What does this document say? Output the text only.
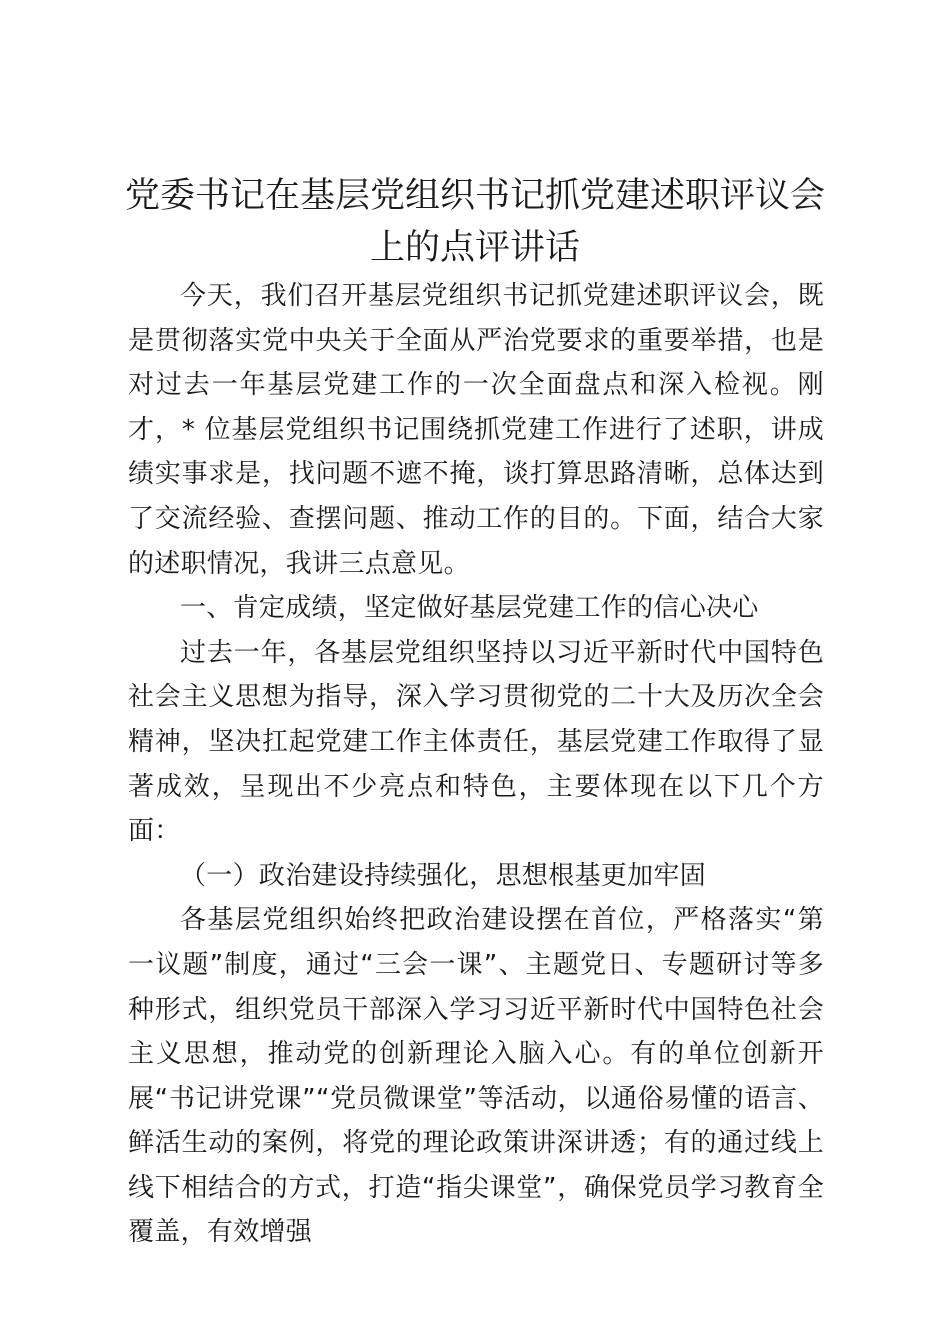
党委书记在基层党组织书记抓党建述职评议会上的点评讲话

今天，我们召开基层党组织书记抓党建述职评议会，既是贯彻落实党中央关于全面从严治党要求的重要举措，也是对过去一年基层党建工作的一次全面盘点和深入检视。刚才，* 位基层党组织书记围绕抓党建工作进行了述职，讲成绩实事求是，找问题不遮不掩，谈打算思路清晰，总体达到了交流经验、查摆问题、推动工作的目的。下面，结合大家的述职情况，我讲三点意见。

一、肯定成绩，坚定做好基层党建工作的信心决心

过去一年，各基层党组织坚持以习近平新时代中国特色社会主义思想为指导，深入学习贯彻党的二十大及历次全会精神，坚决扛起党建工作主体责任，基层党建工作取得了显著成效，呈现出不少亮点和特色，主要体现在以下几个方面：

（一）政治建设持续强化，思想根基更加牢固

各基层党组织始终把政治建设摆在首位，严格落实“第一议题”制度，通过“三会一课”、主题党日、专题研讨等多种形式，组织党员干部深入学习习近平新时代中国特色社会主义思想，推动党的创新理论入脑入心。有的单位创新开展“书记讲党课”“党员微课堂”等活动，以通俗易懂的语言、鲜活生动的案例，将党的理论政策讲深讲透；有的通过线上线下相结合的方式，打造“指尖课堂”，确保党员学习教育全覆盖，有效增强
